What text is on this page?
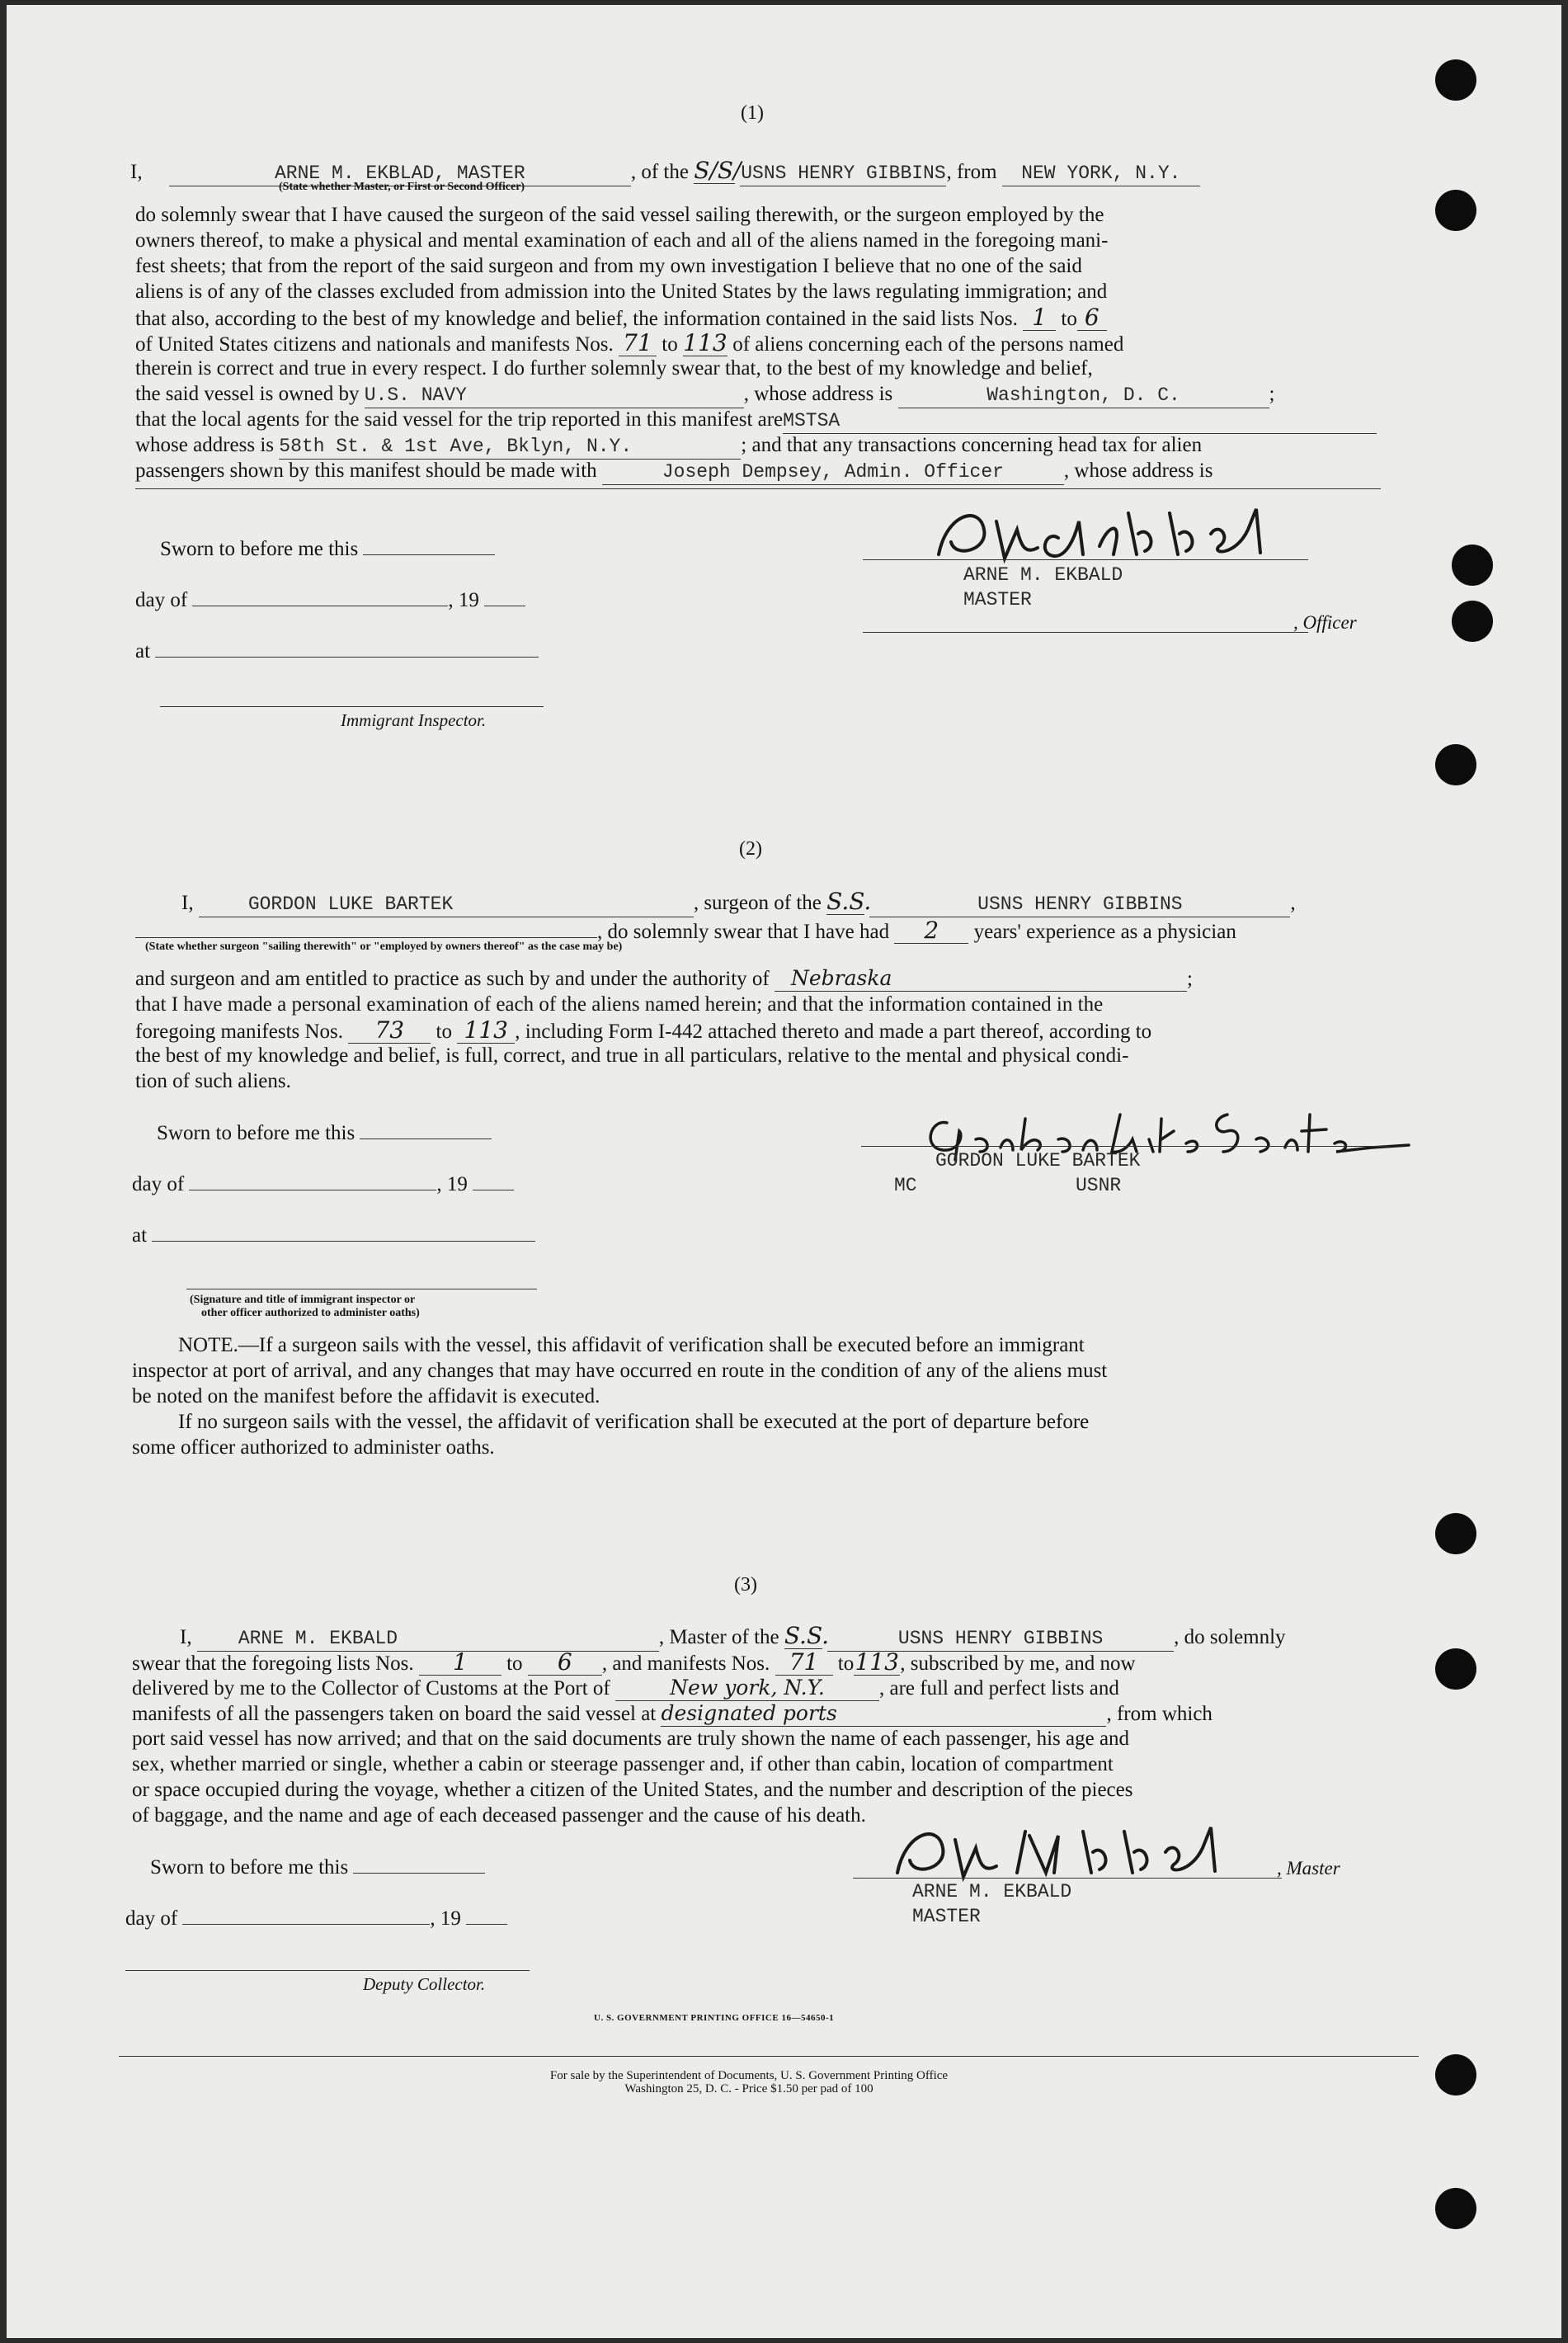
(1)
I,	ARNE M. EKBLAD, MASTER	, of the S/S/ USNS HENRY GIBBINS, from NEW YORK, N.Y.
(State whether Master, or First or Second Officer)
do solemnly swear that I have caused the surgeon of the said vessel sailing therewith, or the surgeon employed by the
owners thereof, to make a physical and mental examination of each and all of the aliens named in the foregoing mani-
fest sheets; that from the report of the said surgeon and from my own investigation I believe that no one of the said
aliens is of any of the classes excluded from admission into the United States by the laws regulating immigration; and
that also, according to the best of my knowledge and belief, the information contained in the said lists Nos. 1 to 6
of United States citizens and nationals and manifests Nos. 71 to 113 of aliens concerning each of the persons named
therein is correct and true in every respect. I do further solemnly swear that, to the best of my knowledge and belief,
the said vessel is owned by U.S. NAVY	, whose address is	Washington, D. C.	;
that the local agents for the said vessel for the trip reported in this manifest areMSTSA
whose address is 58th St. & 1st Ave, Bklyn, N.Y.	; and that any transactions concerning head tax for alien
passengers shown by this manifest should be made with	Joseph Dempsey, Admin. Officer	, whose address is
Sworn to before me this
day of	, 19
at
Immigrant Inspector.
ARNE M. EKBALD
MASTER
, Officer
(2)
I,	GORDON LUKE BARTEK	, surgeon of the S.S.	USNS HENRY GIBBINS	,
, do solemnly swear that I have had 2 years' experience as a physician
(State whether surgeon "sailing therewith" or "employed by owners thereof" as the case may be)
and surgeon and am entitled to practice as such by and under the authority of Nebraska	;
that I have made a personal examination of each of the aliens named herein; and that the information contained in the
foregoing manifests Nos. 73 to 113 , including Form I-442 attached thereto and made a part thereof, according to
the best of my knowledge and belief, is full, correct, and true in all particulars, relative to the mental and physical condi-
tion of such aliens.
Sworn to before me this
day of	, 19
at
(Signature and title of immigrant inspector or
other officer authorized to administer oaths)
GORDON LUKE BARTEK
MC	USNR
NOTE.—If a surgeon sails with the vessel, this affidavit of verification shall be executed before an immigrant
inspector at port of arrival, and any changes that may have occurred en route in the condition of any of the aliens must
be noted on the manifest before the affidavit is executed.
If no surgeon sails with the vessel, the affidavit of verification shall be executed at the port of departure before
some officer authorized to administer oaths.
(3)
I, ARNE M. EKBALD	, Master of the S.S.	USNS HENRY GIBBINS	, do solemnly
swear that the foregoing lists Nos. 1 to 6 , and manifests Nos. 71 to113, subscribed by me, and now
delivered by me to the Collector of Customs at the Port of	New york, N.Y.	, are full and perfect lists and
manifests of all the passengers taken on board the said vessel at designated ports	, from which
port said vessel has now arrived; and that on the said documents are truly shown the name of each passenger, his age and
sex, whether married or single, whether a cabin or steerage passenger and, if other than cabin, location of compartment
or space occupied during the voyage, whether a citizen of the United States, and the number and description of the pieces
of baggage, and the name and age of each deceased passenger and the cause of his death.
Sworn to before me this
day of	, 19
Deputy Collector.
, Master
ARNE M. EKBALD
MASTER
U. S. GOVERNMENT PRINTING OFFICE 16—54650-1
For sale by the Superintendent of Documents, U. S. Government Printing Office
Washington 25, D. C. - Price $1.50 per pad of 100
